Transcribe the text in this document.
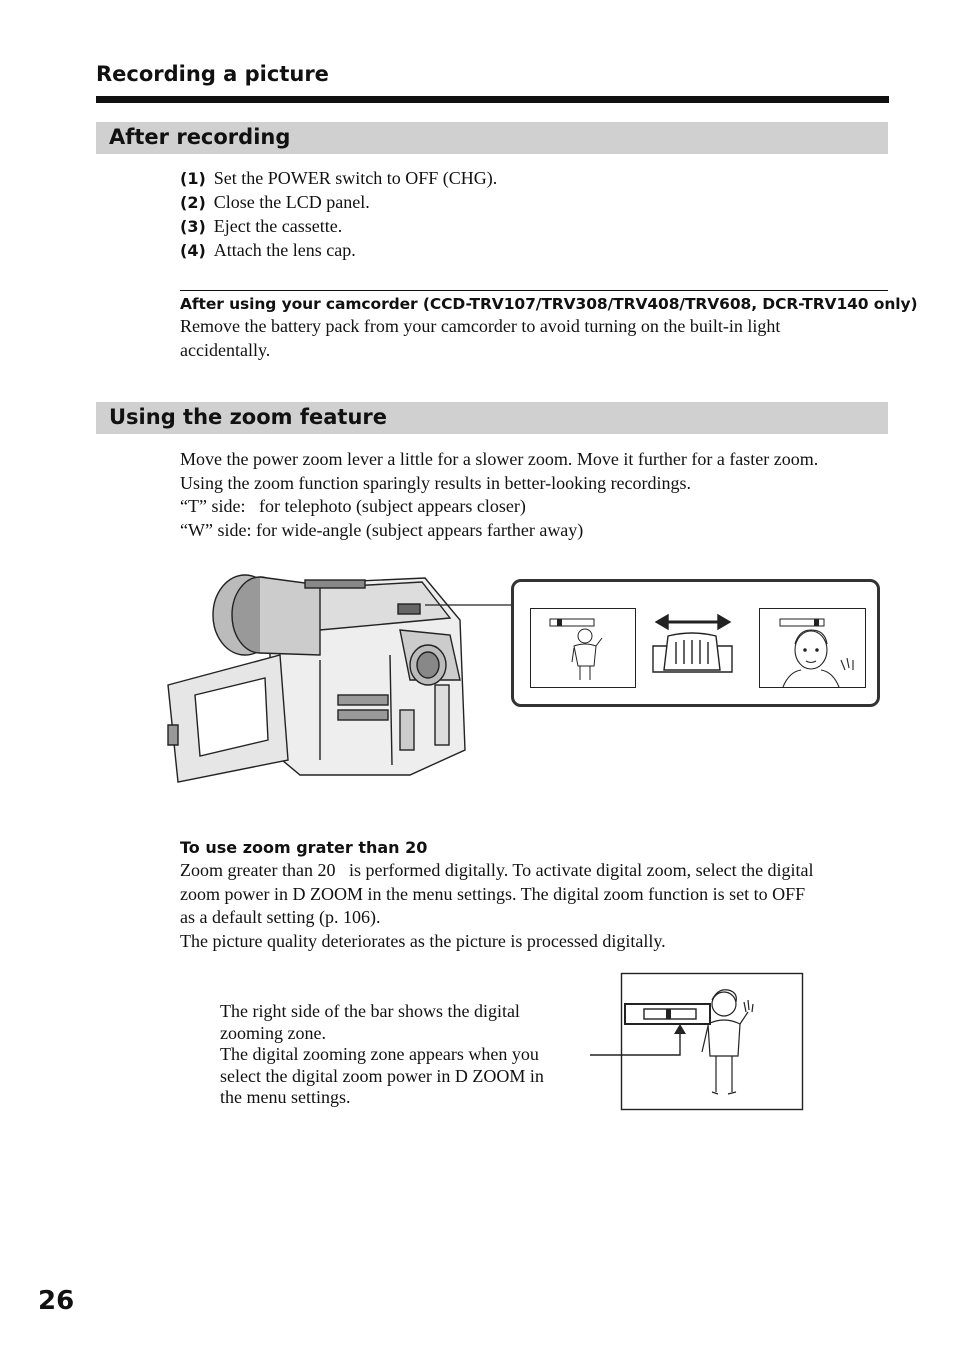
Recording a picture
After recording
(1) Set the POWER switch to OFF (CHG).
(2) Close the LCD panel.
(3) Eject the cassette.
(4) Attach the lens cap.
After using your camcorder (CCD-TRV107/TRV308/TRV408/TRV608, DCR-TRV140 only)
Remove the battery pack from your camcorder to avoid turning on the built-in light
accidentally.
Using the zoom feature
Move the power zoom lever a little for a slower zoom. Move it further for a faster zoom.
Using the zoom function sparingly results in better-looking recordings.
“T” side:   for telephoto (subject appears closer)
“W” side: for wide-angle (subject appears farther away)
To use zoom grater than 20
Zoom greater than 20   is performed digitally. To activate digital zoom, select the digital
zoom power in D ZOOM in the menu settings. The digital zoom function is set to OFF
as a default setting (p. 106).
The picture quality deteriorates as the picture is processed digitally.
The right side of the bar shows the digital
zooming zone.
The digital zooming zone appears when you
select the digital zoom power in D ZOOM in
the menu settings.
26
